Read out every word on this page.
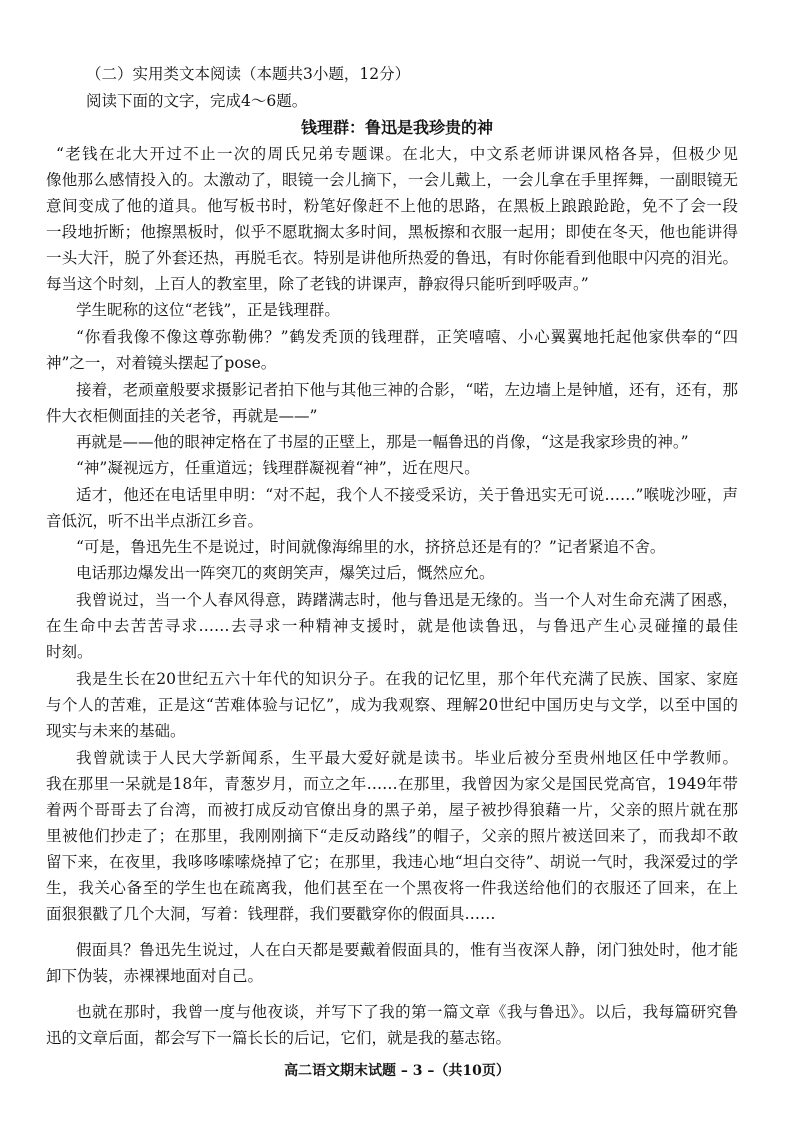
（二）实用类文本阅读（本题共3小题，12分）
阅读下面的文字，完成4～6题。
钱理群：鲁迅是我珍贵的神
“老钱在北大开过不止一次的周氏兄弟专题课。在北大，中文系老师讲课风格各异，但极少见
像他那么感情投入的。太激动了，眼镜一会儿摘下，一会儿戴上，一会儿拿在手里挥舞，一副眼镜无
意间变成了他的道具。他写板书时，粉笔好像赶不上他的思路，在黑板上踉踉跄跄，免不了会一段
一段地折断；他擦黑板时，似乎不愿耽搁太多时间，黑板擦和衣服一起用；即使在冬天，他也能讲得
一头大汗，脱了外套还热，再脱毛衣。特别是讲他所热爱的鲁迅，有时你能看到他眼中闪亮的泪光。
每当这个时刻，上百人的教室里，除了老钱的讲课声，静寂得只能听到呼吸声。”
学生昵称的这位“老钱”，正是钱理群。
“你看我像不像这尊弥勒佛？”鹤发秃顶的钱理群，正笑嘻嘻、小心翼翼地托起他家供奉的“四
神”之一，对着镜头摆起了pose。
接着，老顽童般要求摄影记者拍下他与其他三神的合影，“喏，左边墙上是钟馗，还有，还有，那
件大衣柜侧面挂的关老爷，再就是——”
再就是——他的眼神定格在了书屋的正壁上，那是一幅鲁迅的肖像，“这是我家珍贵的神。”
“神”凝视远方，任重道远；钱理群凝视着“神”，近在咫尺。
适才，他还在电话里申明：“对不起，我个人不接受采访，关于鲁迅实无可说……”喉咙沙哑，声
音低沉，听不出半点浙江乡音。
“可是，鲁迅先生不是说过，时间就像海绵里的水，挤挤总还是有的？”记者紧追不舍。
电话那边爆发出一阵突兀的爽朗笑声，爆笑过后，慨然应允。
我曾说过，当一个人春风得意，踌躇满志时，他与鲁迅是无缘的。当一个人对生命充满了困惑，
在生命中去苦苦寻求……去寻求一种精神支援时，就是他读鲁迅，与鲁迅产生心灵碰撞的最佳
时刻。
我是生长在20世纪五六十年代的知识分子。在我的记忆里，那个年代充满了民族、国家、家庭
与个人的苦难，正是这“苦难体验与记忆”，成为我观察、理解20世纪中国历史与文学，以至中国的
现实与未来的基础。
我曾就读于人民大学新闻系，生平最大爱好就是读书。毕业后被分至贵州地区任中学教师。
我在那里一呆就是18年，青葱岁月，而立之年……在那里，我曾因为家父是国民党高官，1949年带
着两个哥哥去了台湾，而被打成反动官僚出身的黑子弟，屋子被抄得狼藉一片，父亲的照片就在那
里被他们抄走了；在那里，我刚刚摘下“走反动路线”的帽子，父亲的照片被送回来了，而我却不敢
留下来，在夜里，我哆哆嗦嗦烧掉了它；在那里，我违心地“坦白交待”、胡说一气时，我深爱过的学
生，我关心备至的学生也在疏离我，他们甚至在一个黑夜将一件我送给他们的衣服还了回来，在上
面狠狠戳了几个大洞，写着：钱理群，我们要戳穿你的假面具……
假面具？鲁迅先生说过，人在白天都是要戴着假面具的，惟有当夜深人静，闭门独处时，他才能
卸下伪装，赤裸裸地面对自己。
也就在那时，我曾一度与他夜谈，并写下了我的第一篇文章《我与鲁迅》。以后，我每篇研究鲁
迅的文章后面，都会写下一篇长长的后记，它们，就是我的墓志铭。
高二语文期末试题 – 3 –（共10页）
